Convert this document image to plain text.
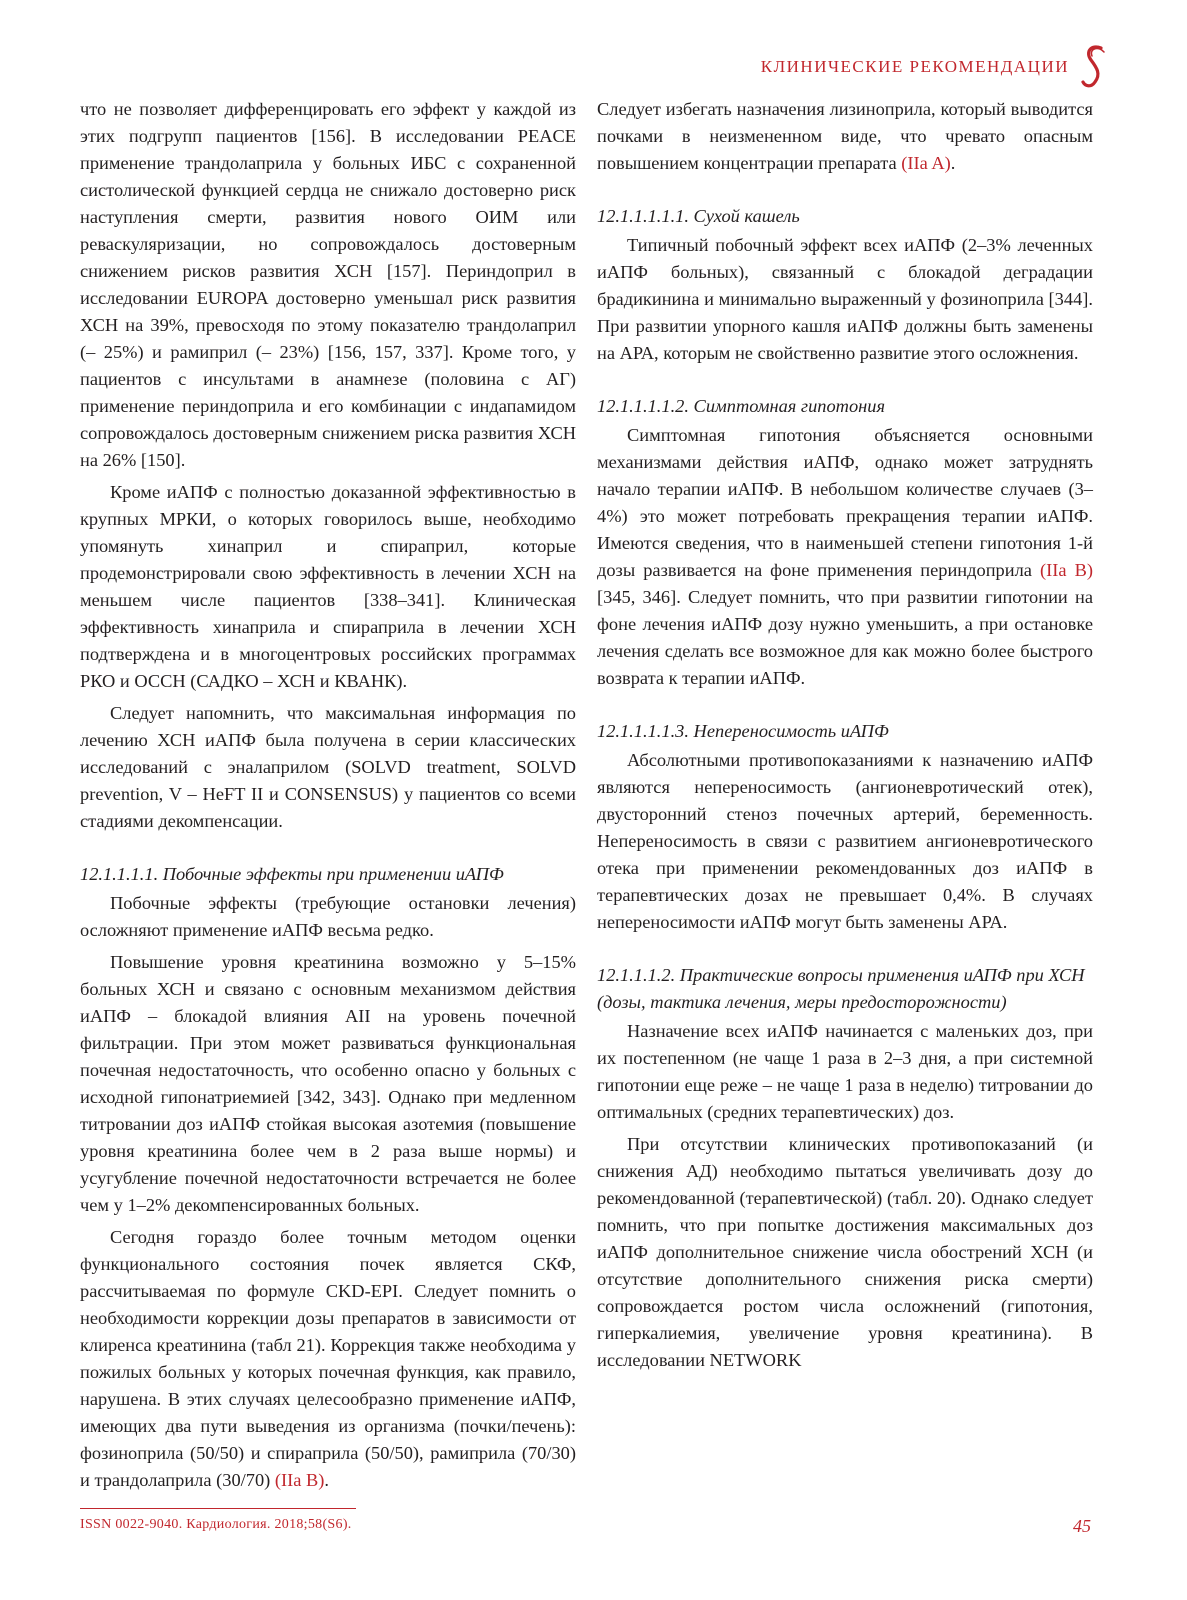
КЛИНИЧЕСКИЕ РЕКОМЕНДАЦИИ

что не позволяет дифференцировать его эффект у каждой из этих подгрупп пациентов [156]. В исследовании PEACE применение трандолаприла у больных ИБС с сохраненной систолической функцией сердца не снижало достоверно риск наступления смерти, развития нового ОИМ или реваскуляризации, но сопровождалось достоверным снижением рисков развития ХСН [157]. Периндоприл в исследовании EUROPA достоверно уменьшал риск развития ХСН на 39%, превосходя по этому показателю трандолаприл (– 25%) и рамиприл (– 23%) [156, 157, 337]. Кроме того, у пациентов с инсультами в анамнезе (половина с АГ) применение периндоприла и его комбинации с индапамидом сопровождалось достоверным снижением риска развития ХСН на 26% [150].

Кроме иАПФ с полностью доказанной эффективностью в крупных МРКИ, о которых говорилось выше, необходимо упомянуть хинаприл и спираприл, которые продемонстрировали свою эффективность в лечении ХСН на меньшем числе пациентов [338–341]. Клиническая эффективность хинаприла и спираприла в лечении ХСН подтверждена и в многоцентровых российских программах РКО и ОССН (САДКО – ХСН и КВАНК).

Следует напомнить, что максимальная информация по лечению ХСН иАПФ была получена в серии классических исследований с эналаприлом (SOLVD treatment, SOLVD prevention, V – HeFT II и CONSENSUS) у пациентов со всеми стадиями декомпенсации.

12.1.1.1.1. Побочные эффекты при применении иАПФ

Побочные эффекты (требующие остановки лечения) осложняют применение иАПФ весьма редко.

Повышение уровня креатинина возможно у 5–15% больных ХСН и связано с основным механизмом действия иАПФ – блокадой влияния AII на уровень почечной фильтрации. При этом может развиваться функциональная почечная недостаточность, что особенно опасно у больных с исходной гипонатриемией [342, 343]. Однако при медленном титровании доз иАПФ стойкая высокая азотемия (повышение уровня креатинина более чем в 2 раза выше нормы) и усугубление почечной недостаточности встречается не более чем у 1–2% декомпенсированных больных.

Сегодня гораздо более точным методом оценки функционального состояния почек является СКФ, рассчитываемая по формуле CKD-EPI. Следует помнить о необходимости коррекции дозы препаратов в зависимости от клиренса креатинина (табл 21). Коррекция также необходима у пожилых больных у которых почечная функция, как правило, нарушена. В этих случаях целесообразно применение иАПФ, имеющих два пути выведения из организма (почки/печень): фозиноприла (50/50) и спираприла (50/50), рамиприла (70/30) и трандолаприла (30/70) (IIa B).

Следует избегать назначения лизиноприла, который выводится почками в неизмененном виде, что чревато опасным повышением концентрации препарата (IIa A).

12.1.1.1.1.1. Сухой кашель

Типичный побочный эффект всех иАПФ (2–3% леченных иАПФ больных), связанный с блокадой деградации брадикинина и минимально выраженный у фозиноприла [344]. При развитии упорного кашля иАПФ должны быть заменены на АРА, которым не свойственно развитие этого осложнения.

12.1.1.1.1.2. Симптомная гипотония

Симптомная гипотония объясняется основными механизмами действия иАПФ, однако может затруднять начало терапии иАПФ. В небольшом количестве случаев (3–4%) это может потребовать прекращения терапии иАПФ. Имеются сведения, что в наименьшей степени гипотония 1-й дозы развивается на фоне применения периндоприла (IIa B) [345, 346]. Следует помнить, что при развитии гипотонии на фоне лечения иАПФ дозу нужно уменьшить, а при остановке лечения сделать все возможное для как можно более быстрого возврата к терапии иАПФ.

12.1.1.1.1.3. Непереносимость иАПФ

Абсолютными противопоказаниями к назначению иАПФ являются непереносимость (ангионевротический отек), двусторонний стеноз почечных артерий, беременность. Непереносимость в связи с развитием ангионевротического отека при применении рекомендованных доз иАПФ в терапевтических дозах не превышает 0,4%. В случаях непереносимости иАПФ могут быть заменены АРА.

12.1.1.1.2. Практические вопросы применения иАПФ при ХСН (дозы, тактика лечения, меры предосторожности)

Назначение всех иАПФ начинается с маленьких доз, при их постепенном (не чаще 1 раза в 2–3 дня, а при системной гипотонии еще реже – не чаще 1 раза в неделю) титровании до оптимальных (средних терапевтических) доз.

При отсутствии клинических противопоказаний (и снижения АД) необходимо пытаться увеличивать дозу до рекомендованной (терапевтической) (табл. 20). Однако следует помнить, что при попытке достижения максимальных доз иАПФ дополнительное снижение числа обострений ХСН (и отсутствие дополнительного снижения риска смерти) сопровождается ростом числа осложнений (гипотония, гиперкалиемия, увеличение уровня креатинина). В исследовании NETWORK

ISSN 0022-9040. Кардиология. 2018;58(S6).	45
